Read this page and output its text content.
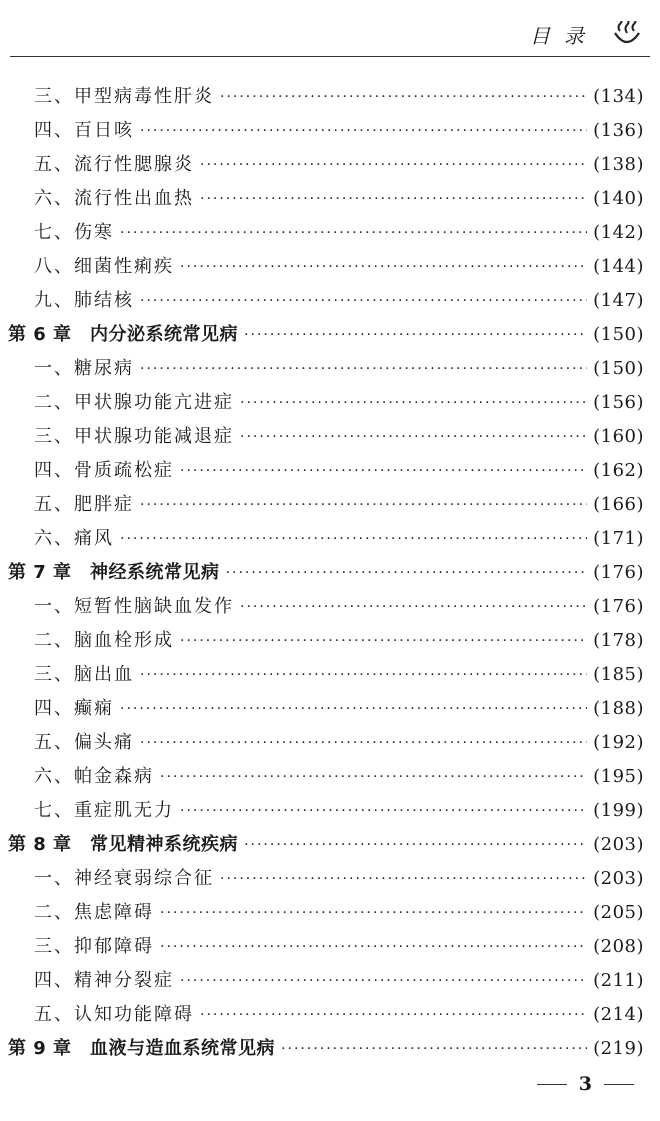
目录
三、甲型病毒性肝炎 ·····	(134)
四、百日咳 ·····	(136)
五、流行性腮腺炎 ·····	(138)
六、流行性出血热 ·····	(140)
七、伤寒 ·····	(142)
八、细菌性痢疾 ·····	(144)
九、肺结核 ·····	(147)
第 6 章　内分泌系统常见病 ·····	(150)
一、糖尿病 ·····	(150)
二、甲状腺功能亢进症 ·····	(156)
三、甲状腺功能减退症 ·····	(160)
四、骨质疏松症 ·····	(162)
五、肥胖症 ·····	(166)
六、痛风 ·····	(171)
第 7 章　神经系统常见病 ·····	(176)
一、短暂性脑缺血发作 ·····	(176)
二、脑血栓形成 ·····	(178)
三、脑出血 ·····	(185)
四、癫痫 ·····	(188)
五、偏头痛 ·····	(192)
六、帕金森病 ·····	(195)
七、重症肌无力 ·····	(199)
第 8 章　常见精神系统疾病 ·····	(203)
一、神经衰弱综合征 ·····	(203)
二、焦虑障碍 ·····	(205)
三、抑郁障碍 ·····	(208)
四、精神分裂症 ·····	(211)
五、认知功能障碍 ·····	(214)
第 9 章　血液与造血系统常见病 ·····	(219)
3
